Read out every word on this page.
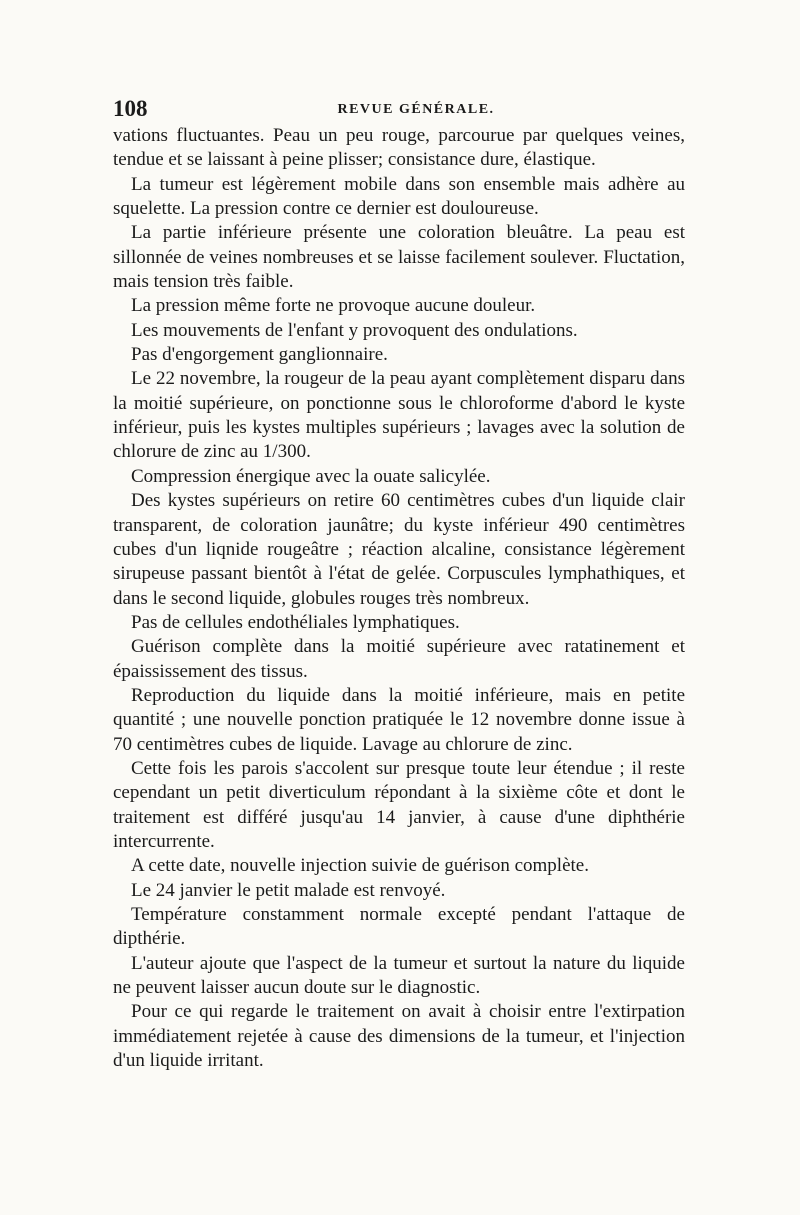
108	REVUE GÉNÉRALE.

vations fluctuantes. Peau un peu rouge, parcourue par quelques veines, tendue et se laissant à peine plisser; consistance dure, élastique.

La tumeur est légèrement mobile dans son ensemble mais adhère au squelette. La pression contre ce dernier est douloureuse.

La partie inférieure présente une coloration bleuâtre. La peau est sillonnée de veines nombreuses et se laisse facilement soulever. Fluctation, mais tension très faible.

La pression même forte ne provoque aucune douleur.

Les mouvements de l'enfant y provoquent des ondulations.

Pas d'engorgement ganglionnaire.

Le 22 novembre, la rougeur de la peau ayant complètement disparu dans la moitié supérieure, on ponctionne sous le chloroforme d'abord le kyste inférieur, puis les kystes multiples supérieurs ; lavages avec la solution de chlorure de zinc au 1/300.

Compression énergique avec la ouate salicylée.

Des kystes supérieurs on retire 60 centimètres cubes d'un liquide clair transparent, de coloration jaunâtre; du kyste inférieur 490 centimètres cubes d'un liqnide rougeâtre ; réaction alcaline, consistance légèrement sirupeuse passant bientôt à l'état de gelée. Corpuscules lymphathiques, et dans le second liquide, globules rouges très nombreux.

Pas de cellules endothéliales lymphatiques.

Guérison complète dans la moitié supérieure avec ratatinement et épaississement des tissus.

Reproduction du liquide dans la moitié inférieure, mais en petite quantité ; une nouvelle ponction pratiquée le 12 novembre donne issue à 70 centimètres cubes de liquide. Lavage au chlorure de zinc.

Cette fois les parois s'accolent sur presque toute leur étendue ; il reste cependant un petit diverticulum répondant à la sixième côte et dont le traitement est différé jusqu'au 14 janvier, à cause d'une diphthérie intercurrente.

A cette date, nouvelle injection suivie de guérison complète.

Le 24 janvier le petit malade est renvoyé.

Température constamment normale excepté pendant l'attaque de dipthérie.

L'auteur ajoute que l'aspect de la tumeur et surtout la nature du liquide ne peuvent laisser aucun doute sur le diagnostic.

Pour ce qui regarde le traitement on avait à choisir entre l'extirpation immédiatement rejetée à cause des dimensions de la tumeur, et l'injection d'un liquide irritant.
